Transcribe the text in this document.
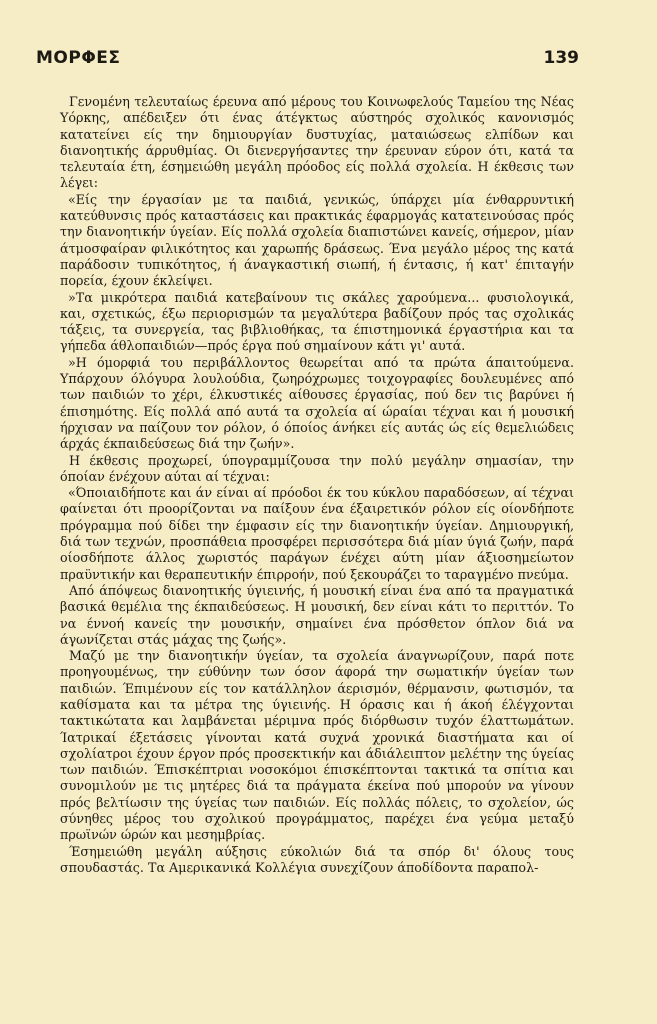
ΜΟΡΦΕΣ	139

Γενομένη τελευταίως έρευνα από μέρους του Κοινωφελούς Ταμείου της Νέας Υόρκης, απέδειξεν ότι ένας άτέγκτως αύστηρός σχολικός κανονισμός κατατείνει είς την δημιουργίαν δυστυχίας, ματαιώσεως ελπίδων και διανοητικής άρρυθμίας. Οι διενεργήσαντες την έρευναν εύρον ότι, κατά τα τελευταία έτη, έσημειώθη μεγάλη πρόοδος είς πολλά σχολεία. Η έκθεσις των λέγει:

«Είς την έργασίαν με τα παιδιά, γενικώς, ύπάρχει μία ένθαρρυντική κατεύθυνσις πρός καταστάσεις και πρακτικάς έφαρμογάς κατατεινούσας πρός την διανοητικήν ύγείαν. Είς πολλά σχολεία διαπιστώνει κανείς, σήμερον, μίαν άτμοσφαίραν φιλικότητος και χαρωπής δράσεως. Ένα μεγάλο μέρος της κατά παράδοσιν τυπικότητος, ή άναγκαστική σιωπή, ή έντασις, ή κατ' έπιταγήν πορεία, έχουν έκλείψει.

»Τα μικρότερα παιδιά κατεβαίνουν τις σκάλες χαρούμενα... φυσιολογικά, και, σχετικώς, έξω περιορισμών τα μεγαλύτερα βαδίζουν πρός τας σχολικάς τάξεις, τα συνεργεία, τας βιβλιοθήκας, τα έπιστημονικά έργαστήρια και τα γήπεδα άθλοπαιδιών—πρός έργα πού σημαίνουν κάτι γι' αυτά.

»Η όμορφιά του περιβάλλοντος θεωρείται από τα πρώτα άπαιτούμενα. Υπάρχουν όλόγυρα λουλούδια, ζωηρόχρωμες τοιχογραφίες δουλευμένες από των παιδιών το χέρι, έλκυστικές αίθουσες έργασίας, πού δεν τις βαρύνει ή έπισημότης. Είς πολλά από αυτά τα σχολεία αί ώραίαι τέχναι και ή μουσική ήρχισαν να παίζουν τον ρόλον, ό όποίος άνήκει είς αυτάς ώς είς θεμελιώδεις άρχάς έκπαιδεύσεως διά την ζωήν».

Η έκθεσις προχωρεί, ύπογραμμίζουσα την πολύ μεγάλην σημασίαν, την όποίαν ένέχουν αύται αί τέχναι:

«Όποιαιδήποτε και άν είναι αί πρόοδοι έκ του κύκλου παραδόσεων, αί τέχναι φαίνεται ότι προορίζονται να παίξουν ένα έξαιρετικόν ρόλον είς οίονδήποτε πρόγραμμα πού δίδει την έμφασιν είς την διανοητικήν ύγείαν. Δημιουργική, διά των τεχνών, προσπάθεια προσφέρει περισσότερα διά μίαν ύγιά ζωήν, παρά οίοσδήποτε άλλος χωριστός παράγων ένέχει αύτη μίαν άξιοσημείωτον πραϋντικήν και θεραπευτικήν έπιρροήν, πού ξεκουράζει το ταραγμένο πνεύμα.

Από άπόψεως διανοητικής ύγιεινής, ή μουσική είναι ένα από τα πραγματικά βασικά θεμέλια της έκπαιδεύσεως. Η μουσική, δεν είναι κάτι το περιττόν. Το να έννοή κανείς την μουσικήν, σημαίνει ένα πρόσθετον όπλον διά να άγωνίζεται στάς μάχας της ζωής».

Μαζύ με την διανοητικήν ύγείαν, τα σχολεία άναγνωρίζουν, παρά ποτε προηγουμένως, την εύθύνην των όσον άφορά την σωματικήν ύγείαν των παιδιών. Έπιμένουν είς τον κατάλληλον άερισμόν, θέρμανσιν, φωτισμόν, τα καθίσματα και τα μέτρα της ύγιεινής. Η όρασις και ή άκοή έλέγχονται τακτικώτατα και λαμβάνεται μέριμνα πρός διόρθωσιν τυχόν έλαττωμάτων. Ίατρικαί έξετάσεις γίνονται κατά συχνά χρονικά διαστήματα και οί σχολίατροι έχουν έργον πρός προσεκτικήν και άδιάλειπτον μελέτην της ύγείας των παιδιών. Έπισκέπτριαι νοσοκόμοι έπισκέπτονται τακτικά τα σπίτια και συνομιλούν με τις μητέρες διά τα πράγματα έκείνα πού μπορούν να γίνουν πρός βελτίωσιν της ύγείας των παιδιών. Είς πολλάς πόλεις, το σχολείον, ώς σύνηθες μέρος του σχολικού προγράμματος, παρέχει ένα γεύμα μεταξύ πρωϊνών ώρών και μεσημβρίας.

Έσημειώθη μεγάλη αύξησις εύκολιών διά τα σπόρ δι' όλους τους σπουδαστάς. Τα Αμερικανικά Κολλέγια συνεχίζουν άποδίδοντα παραπολ-
